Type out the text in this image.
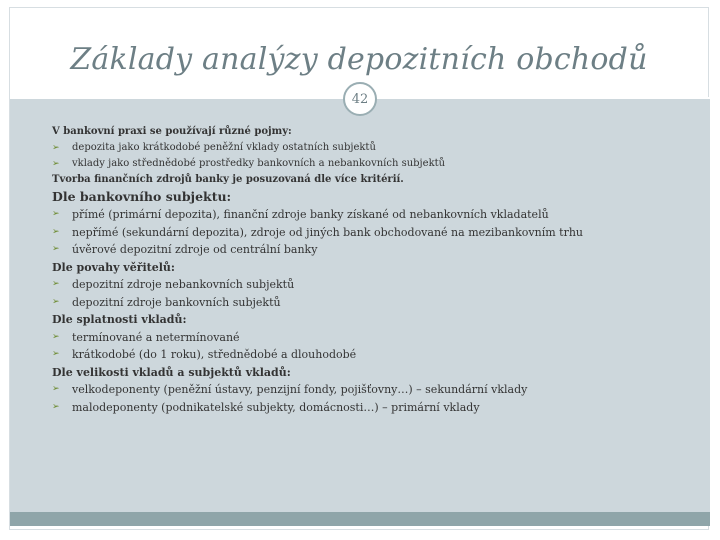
Základy analýzy depozitních obchodů
42
V bankovní praxi se používají různé pojmy:
➢	depozita jako krátkodobé peněžní vklady ostatních subjektů
➢	vklady jako střednědobé prostředky bankovních a nebankovních subjektů
Tvorba finančních zdrojů banky je posuzovaná dle více kritérií.
Dle bankovního subjektu:
➢	přímé (primární depozita), finanční zdroje banky získané od nebankovních vkladatelů
➢	nepřímé (sekundární depozita), zdroje od jiných bank obchodované na mezibankovním trhu
➢	úvěrové depozitní zdroje od centrální banky
Dle povahy věřitelů:
➢	depozitní zdroje nebankovních subjektů
➢	depozitní zdroje bankovních subjektů
Dle splatnosti vkladů:
➢	termínované a netermínované
➢	krátkodobé (do 1 roku), střednědobé a dlouhodobé
Dle velikosti vkladů a subjektů vkladů:
➢	velkodeponenty (peněžní ústavy, penzijní fondy, pojišťovny…) – sekundární vklady
➢	malodeponenty (podnikatelské subjekty, domácnosti…) – primární vklady
